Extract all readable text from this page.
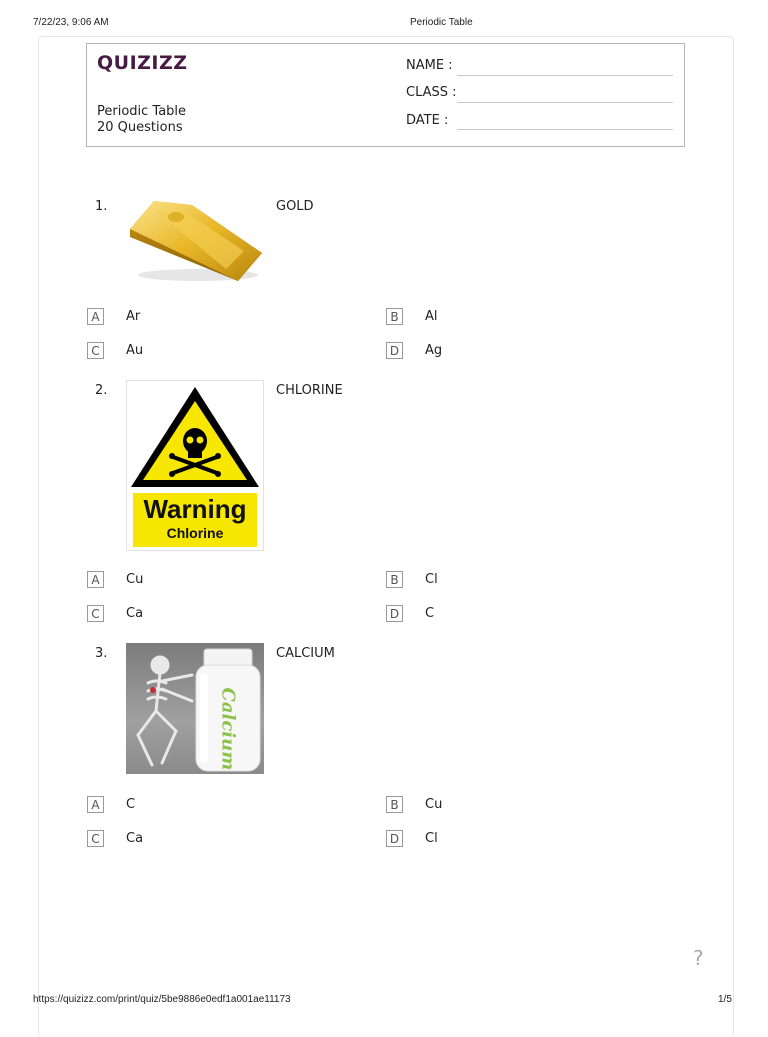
7/22/23, 9:06 AM	Periodic Table
QUIZIZZ
Periodic Table
20 Questions
NAME :
CLASS :
DATE :
1.	GOLD
A	Ar	B	Al
C	Au	D Ag
2.
Warning
Chlorine
CHLORINE
A	Cu	B	Cl
C	Ca	D C
3.
Calcium
CALCIUM
A	C	B	Cu
C	Ca	D Cl
?
https://quizizz.com/print/quiz/5be9886e0edf1a001ae11173	1/5
